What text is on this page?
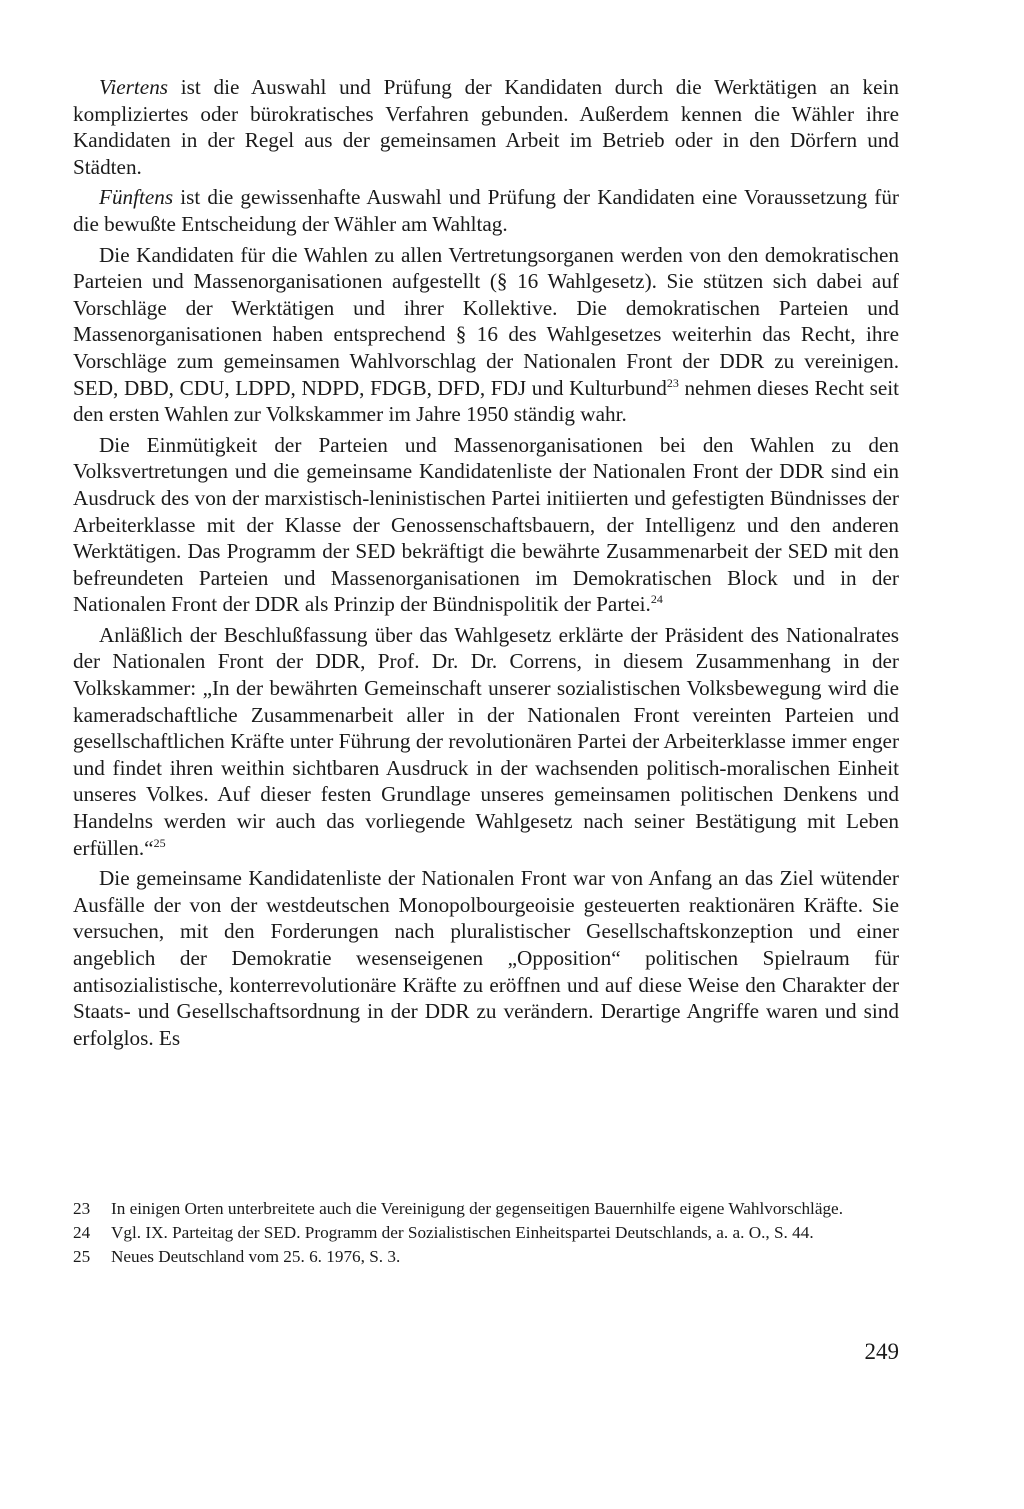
Viertens ist die Auswahl und Prüfung der Kandidaten durch die Werktätigen an kein kompliziertes oder bürokratisches Verfahren gebunden. Außerdem kennen die Wähler ihre Kandidaten in der Regel aus der gemeinsamen Arbeit im Betrieb oder in den Dörfern und Städten.

Fünftens ist die gewissenhafte Auswahl und Prüfung der Kandidaten eine Voraussetzung für die bewußte Entscheidung der Wähler am Wahltag.

Die Kandidaten für die Wahlen zu allen Vertretungsorganen werden von den demokratischen Parteien und Massenorganisationen aufgestellt (§ 16 Wahlgesetz). Sie stützen sich dabei auf Vorschläge der Werktätigen und ihrer Kollektive. Die demokratischen Parteien und Massenorganisationen haben entsprechend § 16 des Wahlgesetzes weiterhin das Recht, ihre Vorschläge zum gemeinsamen Wahlvorschlag der Nationalen Front der DDR zu vereinigen. SED, DBD, CDU, LDPD, NDPD, FDGB, DFD, FDJ und Kulturbund$^{23}$ nehmen dieses Recht seit den ersten Wahlen zur Volkskammer im Jahre 1950 ständig wahr.

Die Einmütigkeit der Parteien und Massenorganisationen bei den Wahlen zu den Volksvertretungen und die gemeinsame Kandidatenliste der Nationalen Front der DDR sind ein Ausdruck des von der marxistisch-leninistischen Partei initiierten und gefestigten Bündnisses der Arbeiterklasse mit der Klasse der Genossenschaftsbauern, der Intelligenz und den anderen Werktätigen. Das Programm der SED bekräftigt die bewährte Zusammenarbeit der SED mit den befreundeten Parteien und Massenorganisationen im Demokratischen Block und in der Nationalen Front der DDR als Prinzip der Bündnispolitik der Partei.$^{24}$

Anläßlich der Beschlußfassung über das Wahlgesetz erklärte der Präsident des Nationalrates der Nationalen Front der DDR, Prof. Dr. Dr. Correns, in diesem Zusammenhang in der Volkskammer: „In der bewährten Gemeinschaft unserer sozialistischen Volksbewegung wird die kameradschaftliche Zusammenarbeit aller in der Nationalen Front vereinten Parteien und gesellschaftlichen Kräfte unter Führung der revolutionären Partei der Arbeiterklasse immer enger und findet ihren weithin sichtbaren Ausdruck in der wachsenden politisch-moralischen Einheit unseres Volkes. Auf dieser festen Grundlage unseres gemeinsamen politischen Denkens und Handelns werden wir auch das vorliegende Wahlgesetz nach seiner Bestätigung mit Leben erfüllen.“$^{25}$

Die gemeinsame Kandidatenliste der Nationalen Front war von Anfang an das Ziel wütender Ausfälle der von der westdeutschen Monopolbourgeoisie gesteuerten reaktionären Kräfte. Sie versuchen, mit den Forderungen nach pluralistischer Gesellschaftskonzeption und einer angeblich der Demokratie wesenseigenen „Opposition“ politischen Spielraum für antisozialistische, konterrevolutionäre Kräfte zu eröffnen und auf diese Weise den Charakter der Staats- und Gesellschaftsordnung in der DDR zu verändern. Derartige Angriffe waren und sind erfolglos. Es

23	In einigen Orten unterbreitete auch die Vereinigung der gegenseitigen Bauernhilfe eigene Wahlvorschläge.
24	Vgl. IX. Parteitag der SED. Programm der Sozialistischen Einheitspartei Deutschlands, a. a. O., S. 44.
25	Neues Deutschland vom 25. 6. 1976, S. 3.
249
